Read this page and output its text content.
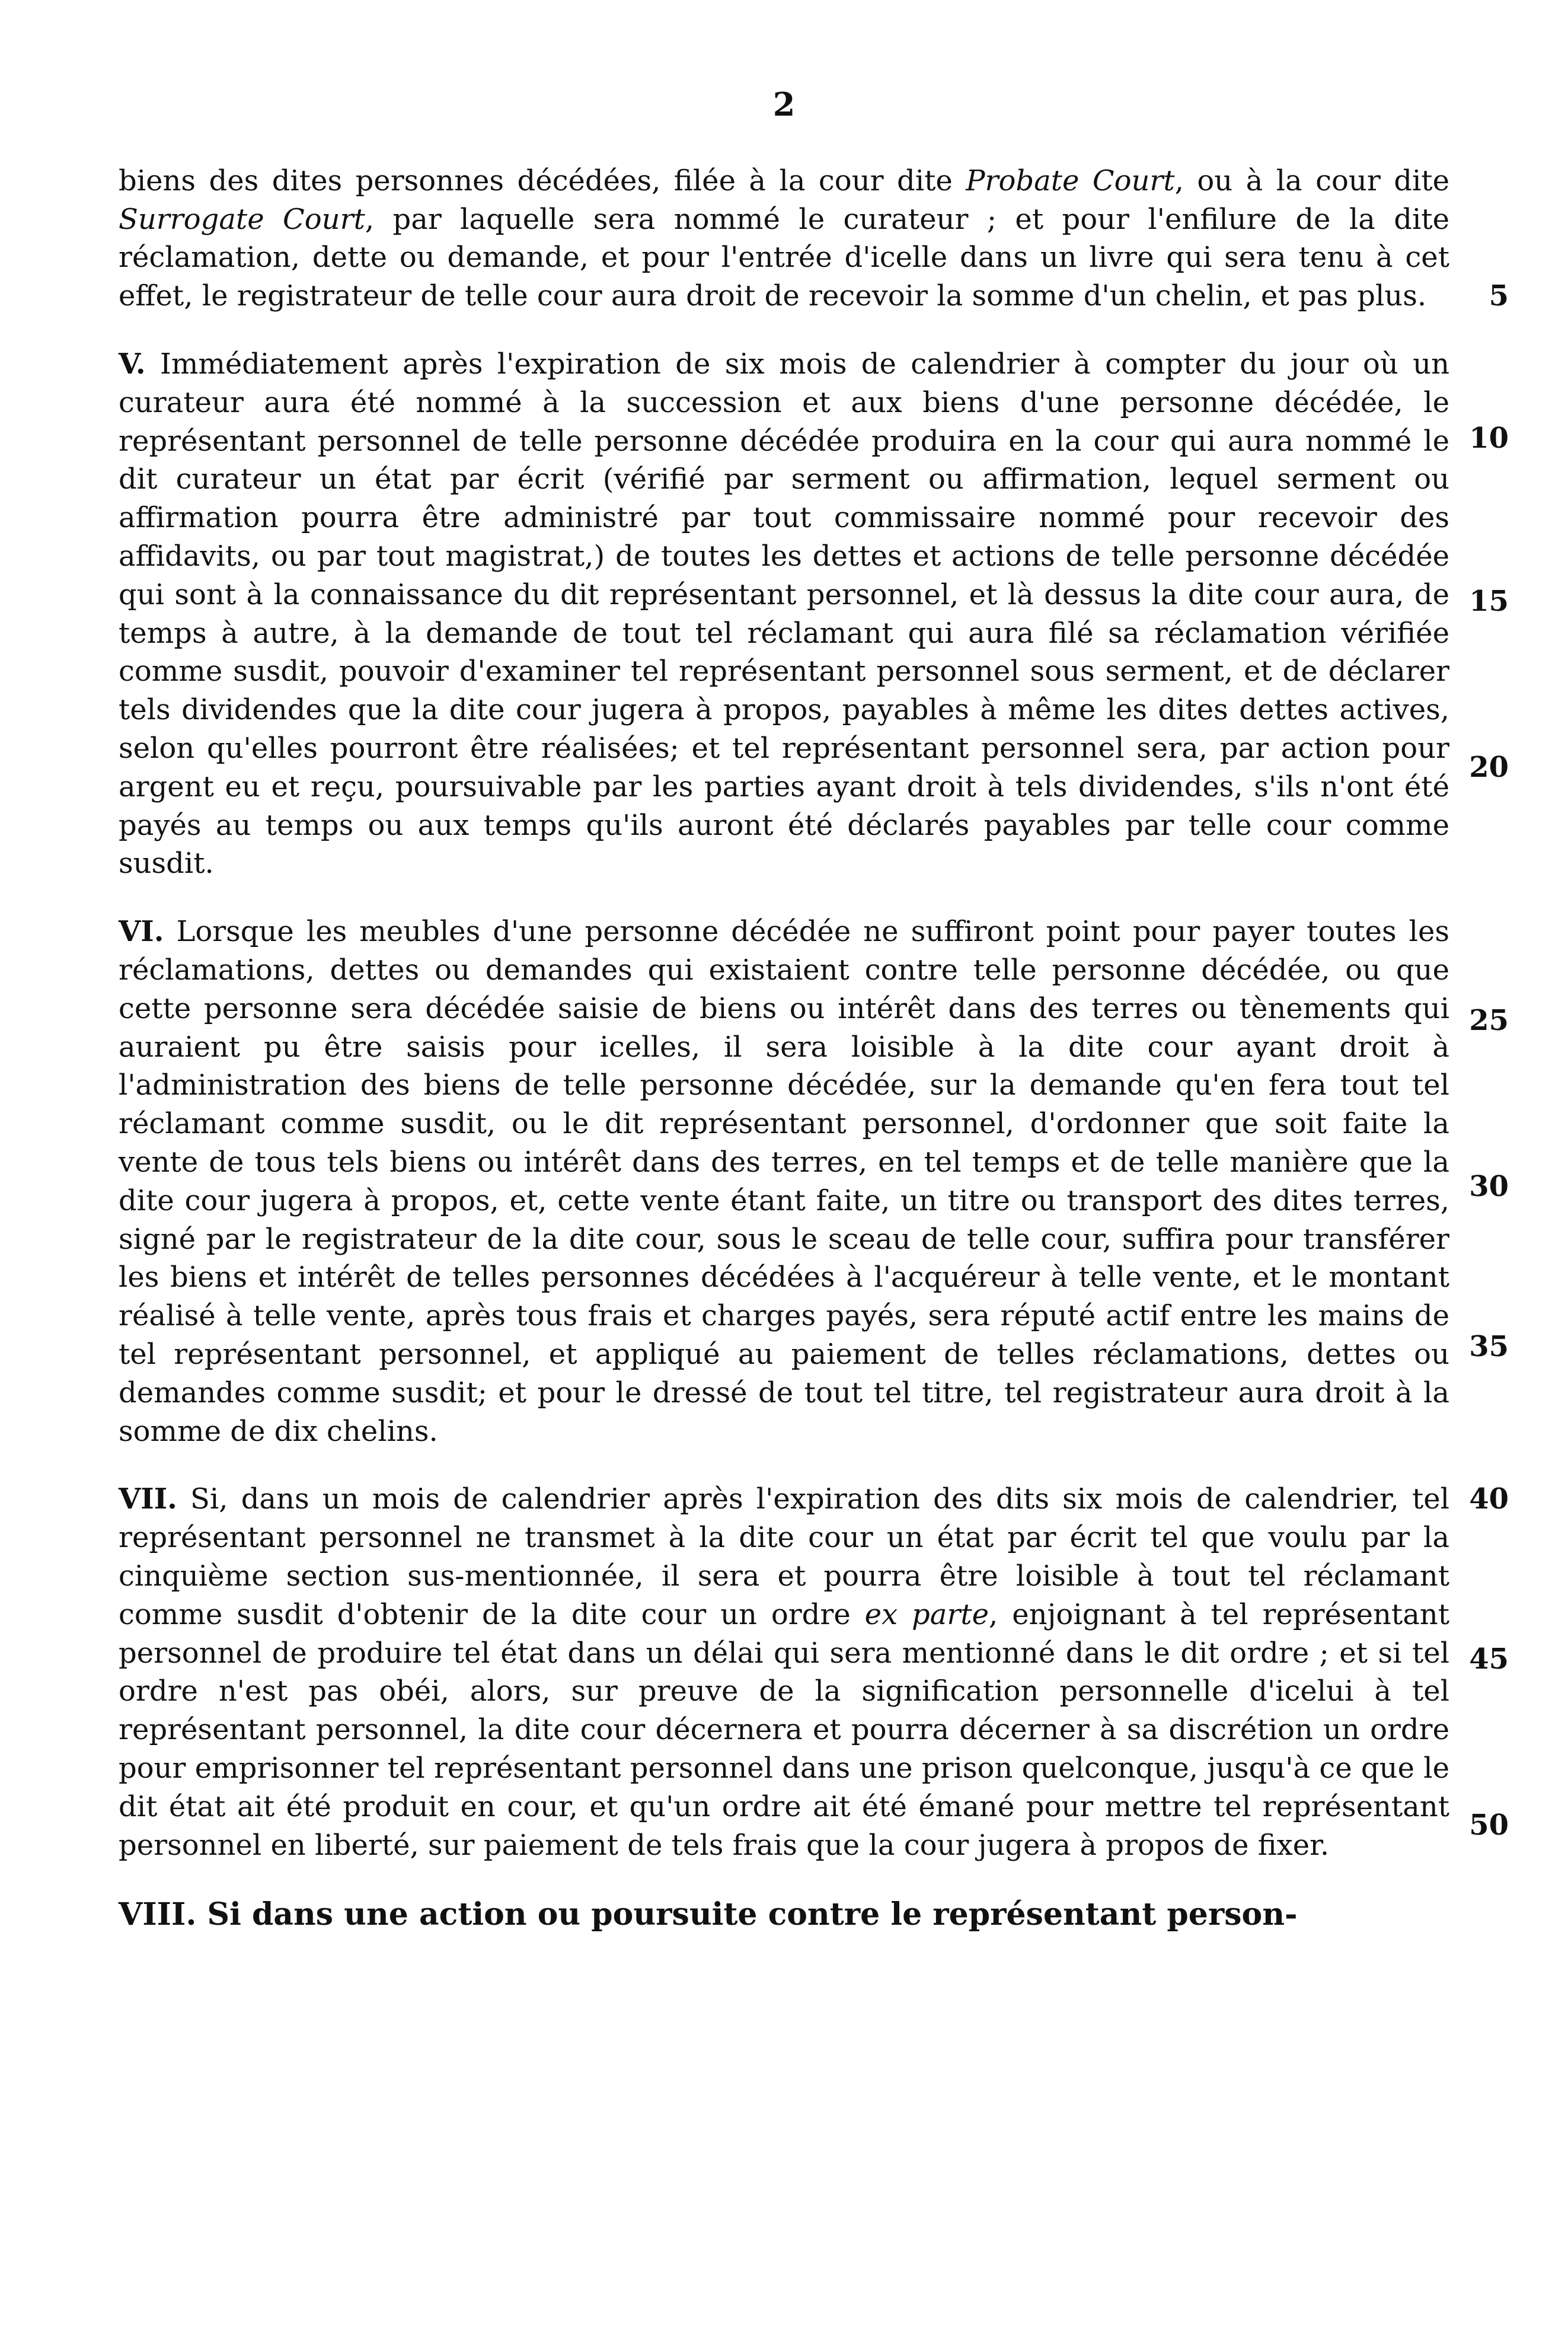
2
biens des dites personnes décédées, filée à la cour dite Probate Court, ou à la cour dite Surrogate Court, par laquelle sera nommé le curateur ; et pour l'enfilure de la dite réclamation, dette ou demande, et pour l'entrée d'icelle dans un livre qui sera tenu à cet effet, le registrateur de telle cour aura droit de recevoir la somme d'un chelin, et pas plus.	5
V. Immédiatement après l'expiration de six mois de calendrier à compter du jour où un curateur aura été nommé à la succession et aux biens d'une personne décédée, le représentant personnel de telle personne décédée produira en la cour qui aura nommé le dit curateur un état par écrit (vérifié par serment ou affirmation, lequel serment ou affirmation pourra être administré par tout commissaire nommé pour recevoir des affidavits, ou par tout magistrat,) de toutes les dettes et actions de telle personne décédée qui sont à la connaissance du dit représentant personnel, et là dessus la dite cour aura, de temps à autre, à la demande de tout tel réclamant qui aura filé sa réclamation vérifiée comme susdit, pouvoir d'examiner tel représentant personnel sous serment, et de déclarer tels dividendes que la dite cour jugera à propos, payables à même les dites dettes actives, selon qu'elles pourront être réalisées; et tel représentant personnel sera, par action pour argent eu et reçu, poursuivable par les parties ayant droit à tels dividendes, s'ils n'ont été payés au temps ou aux temps qu'ils auront été déclarés payables par telle cour comme susdit.
10
15
20
VI. Lorsque les meubles d'une personne décédée ne suffiront point pour payer toutes les réclamations, dettes ou demandes qui existaient contre telle personne décédée, ou que cette personne sera décédée saisie de biens ou intérêt dans des terres ou tènements qui auraient pu être saisis pour icelles, il sera loisible à la dite cour ayant droit à l'administration des biens de telle personne décédée, sur la demande qu'en fera tout tel réclamant comme susdit, ou le dit représentant personnel, d'ordonner que soit faite la vente de tous tels biens ou intérêt dans des terres, en tel temps et de telle manière que la dite cour jugera à propos, et, cette vente étant faite, un titre ou transport des dites terres, signé par le registrateur de la dite cour, sous le sceau de telle cour, suffira pour transférer les biens et intérêt de telles personnes décédées à l'acquéreur à telle vente, et le montant réalisé à telle vente, après tous frais et charges payés, sera réputé actif entre les mains de tel représentant personnel, et appliqué au paiement de telles réclamations, dettes ou demandes comme susdit; et pour le dressé de tout tel titre, tel registrateur aura droit à la somme de dix chelins.
25
30
35
VII. Si, dans un mois de calendrier après l'expiration des dits six mois de calendrier, tel représentant personnel ne transmet à la dite cour un état par écrit tel que voulu par la cinquième section sus-mentionnée, il sera et pourra être loisible à tout tel réclamant comme susdit d'obtenir de la dite cour un ordre ex parte, enjoignant à tel représentant personnel de produire tel état dans un délai qui sera mentionné dans le dit ordre ; et si tel ordre n'est pas obéi, alors, sur preuve de la signification personnelle d'icelui à tel représentant personnel, la dite cour décernera et pourra décerner à sa discrétion un ordre pour emprisonner tel représentant personnel dans une prison quelconque, jusqu'à ce que le dit état ait été produit en cour, et qu'un ordre ait été émané pour mettre tel représentant personnel en liberté, sur paiement de tels frais que la cour jugera à propos de fixer.
40
45
50
VIII. Si dans une action ou poursuite contre le représentant person-
